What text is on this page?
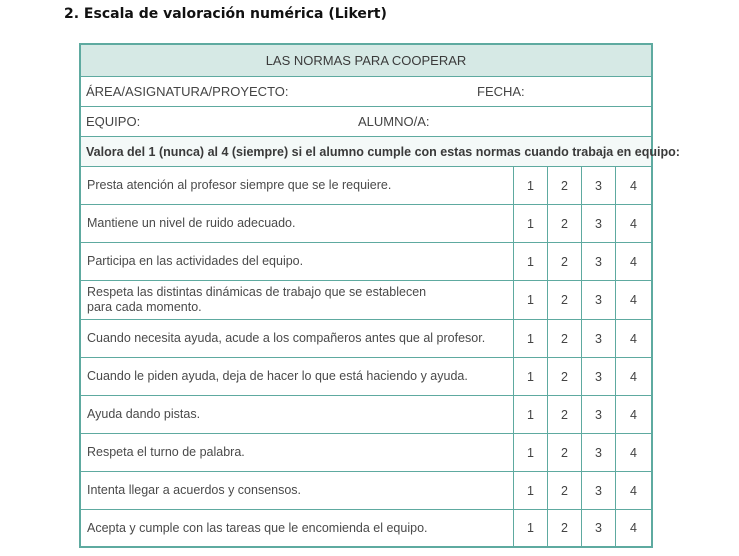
2. Escala de valoración numérica (Likert)
LAS NORMAS PARA COOPERAR
ÁREA/ASIGNATURA/PROYECTO:	FECHA:
EQUIPO:	ALUMNO/A:
Valora del 1 (nunca) al 4 (siempre) si el alumno cumple con estas normas cuando trabaja en equipo:
Presta atención al profesor siempre que se le requiere.	1	2	3	4
Mantiene un nivel de ruido adecuado.	1	2	3	4
Participa en las actividades del equipo.	1	2	3	4
Respeta las distintas dinámicas de trabajo que se establecen
para cada momento.	1	2	3	4
Cuando necesita ayuda, acude a los compañeros antes que al profesor.	1	2	3	4
Cuando le piden ayuda, deja de hacer lo que está haciendo y ayuda.	1	2	3	4
Ayuda dando pistas.	1	2	3	4
Respeta el turno de palabra.	1	2	3	4
Intenta llegar a acuerdos y consensos.	1	2	3	4
Acepta y cumple con las tareas que le encomienda el equipo.	1	2	3	4
